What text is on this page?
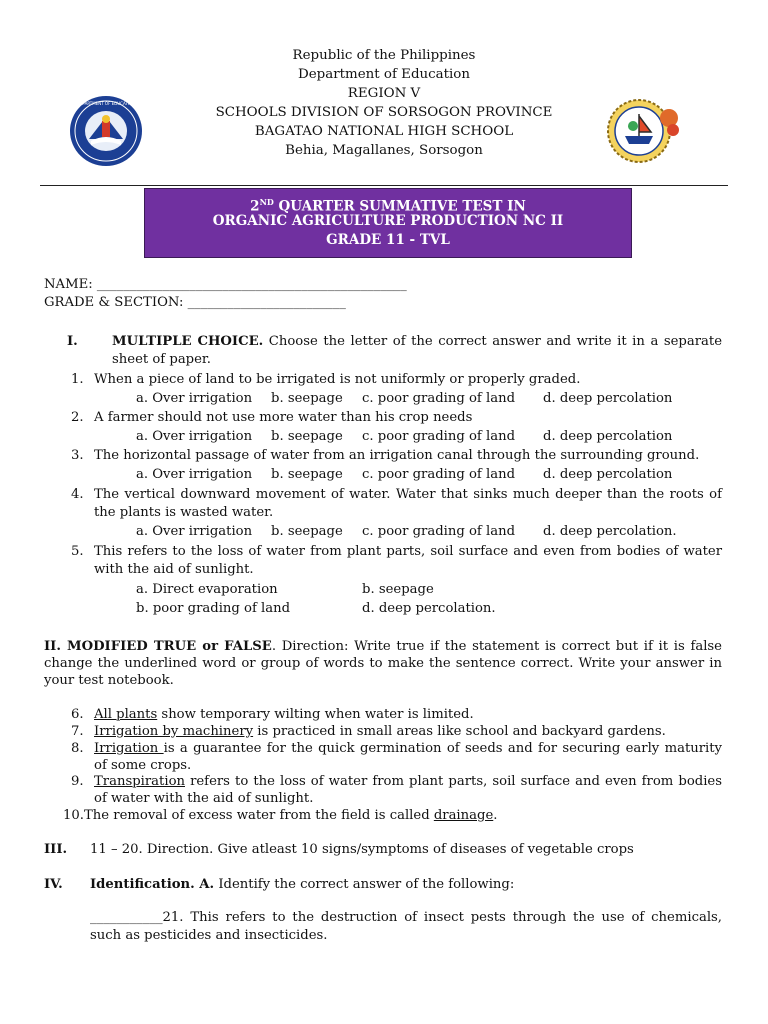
DEPARTMENT OF EDUCATION
Republic of the Philippines
Department of Education
REGION V
SCHOOLS DIVISION OF SORSOGON PROVINCE
BAGATAO NATIONAL HIGH SCHOOL
Behia, Magallanes, Sorsogon
2ND QUARTER SUMMATIVE TEST IN
ORGANIC AGRICULTURE PRODUCTION NC II
GRADE 11 - TVL
NAME: _______________________________________________
GRADE & SECTION: ________________________
I.	MULTIPLE CHOICE. Choose the letter of the correct answer and write it in a separate sheet of paper.
1. When a piece of land to be irrigated is not uniformly or properly graded.
a. Over irrigation b. seepage c. poor grading of land d. deep percolation
2. A farmer should not use more water than his crop needs
a. Over irrigation b. seepage c. poor grading of land d. deep percolation
3. The horizontal passage of water from an irrigation canal through the surrounding ground.
a. Over irrigation b. seepage c. poor grading of land d. deep percolation
4. The vertical downward movement of water. Water that sinks much deeper than the roots of the plants is wasted water.
a. Over irrigation b. seepage c. poor grading of land d. deep percolation.
5. This refers to the loss of water from plant parts, soil surface and even from bodies of water with the aid of sunlight.
a. Direct evaporation	b. seepage
b. poor grading of land	d. deep percolation.
II. MODIFIED TRUE or FALSE. Direction: Write true if the statement is correct but if it is false change the underlined word or group of words to make the sentence correct. Write your answer in your test notebook.
6. All plants show temporary wilting when water is limited.
7. Irrigation by machinery is practiced in small areas like school and backyard gardens.
8. Irrigation is a guarantee for the quick germination of seeds and for securing early maturity of some crops.
9. Transpiration refers to the loss of water from plant parts, soil surface and even from bodies of water with the aid of sunlight.
10.The removal of excess water from the field is called drainage.
III. 11 – 20. Direction. Give atleast 10 signs/symptoms of diseases of vegetable crops
IV. Identification. A. Identify the correct answer of the following:
___________21. This refers to the destruction of insect pests through the use of chemicals, such as pesticides and insecticides.
